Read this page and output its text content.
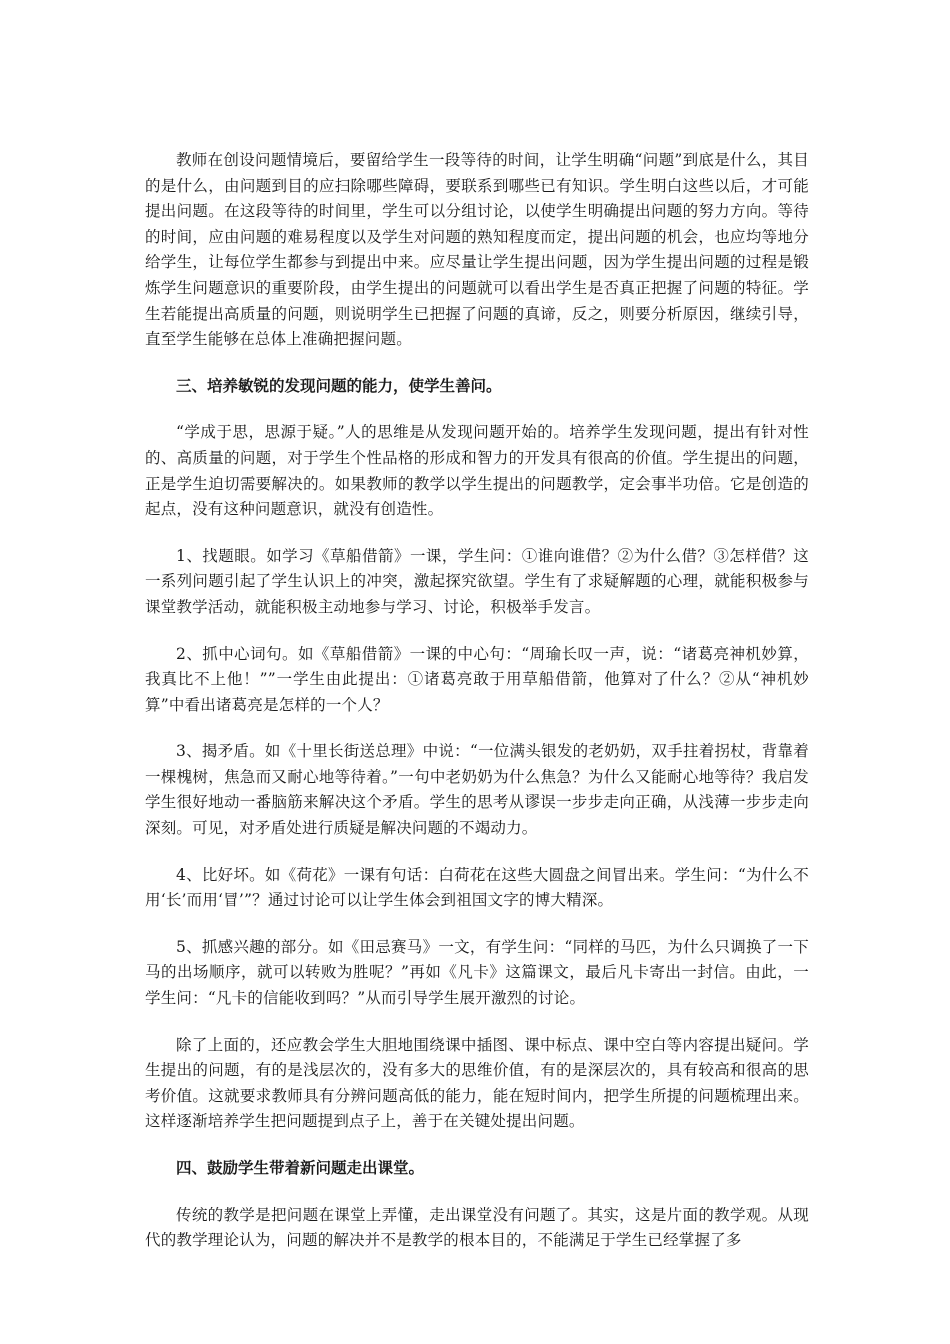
教师在创设问题情境后，要留给学生一段等待的时间，让学生明确“问题”到底是什么，其目的是什么，由问题到目的应扫除哪些障碍，要联系到哪些已有知识。学生明白这些以后，才可能提出问题。在这段等待的时间里，学生可以分组讨论，以使学生明确提出问题的努力方向。等待的时间，应由问题的难易程度以及学生对问题的熟知程度而定，提出问题的机会，也应均等地分给学生，让每位学生都参与到提出中来。应尽量让学生提出问题，因为学生提出问题的过程是锻炼学生问题意识的重要阶段，由学生提出的问题就可以看出学生是否真正把握了问题的特征。学生若能提出高质量的问题，则说明学生已把握了问题的真谛，反之，则要分析原因，继续引导，直至学生能够在总体上准确把握问题。

三、培养敏锐的发现问题的能力，使学生善问。

“学成于思，思源于疑。”人的思维是从发现问题开始的。培养学生发现问题，提出有针对性的、高质量的问题，对于学生个性品格的形成和智力的开发具有很高的价值。学生提出的问题，正是学生迫切需要解决的。如果教师的教学以学生提出的问题教学，定会事半功倍。它是创造的起点，没有这种问题意识，就没有创造性。

1、找题眼。如学习《草船借箭》一课，学生问：①谁向谁借？②为什么借？③怎样借？这一系列问题引起了学生认识上的冲突，激起探究欲望。学生有了求疑解题的心理，就能积极参与课堂教学活动，就能积极主动地参与学习、讨论，积极举手发言。

2、抓中心词句。如《草船借箭》一课的中心句：“周瑜长叹一声，说：“诸葛亮神机妙算，我真比不上他！””一学生由此提出：①诸葛亮敢于用草船借箭，他算对了什么？②从“神机妙算”中看出诸葛亮是怎样的一个人？

3、揭矛盾。如《十里长街送总理》中说：“一位满头银发的老奶奶，双手拄着拐杖，背靠着一棵槐树，焦急而又耐心地等待着。”一句中老奶奶为什么焦急？为什么又能耐心地等待？我启发学生很好地动一番脑筋来解决这个矛盾。学生的思考从谬误一步步走向正确，从浅薄一步步走向深刻。可见，对矛盾处进行质疑是解决问题的不竭动力。

4、比好坏。如《荷花》一课有句话：白荷花在这些大圆盘之间冒出来。学生问：“为什么不用‘长’而用‘冒’”？通过讨论可以让学生体会到祖国文字的博大精深。

5、抓感兴趣的部分。如《田忌赛马》一文，有学生问：“同样的马匹，为什么只调换了一下马的出场顺序，就可以转败为胜呢？”再如《凡卡》这篇课文，最后凡卡寄出一封信。由此，一学生问：“凡卡的信能收到吗？”从而引导学生展开激烈的讨论。

除了上面的，还应教会学生大胆地围绕课中插图、课中标点、课中空白等内容提出疑问。学生提出的问题，有的是浅层次的，没有多大的思维价值，有的是深层次的，具有较高和很高的思考价值。这就要求教师具有分辨问题高低的能力，能在短时间内，把学生所提的问题梳理出来。这样逐渐培养学生把问题提到点子上，善于在关键处提出问题。

四、鼓励学生带着新问题走出课堂。

传统的教学是把问题在课堂上弄懂，走出课堂没有问题了。其实，这是片面的教学观。从现代的教学理论认为，问题的解决并不是教学的根本目的，不能满足于学生已经掌握了多
